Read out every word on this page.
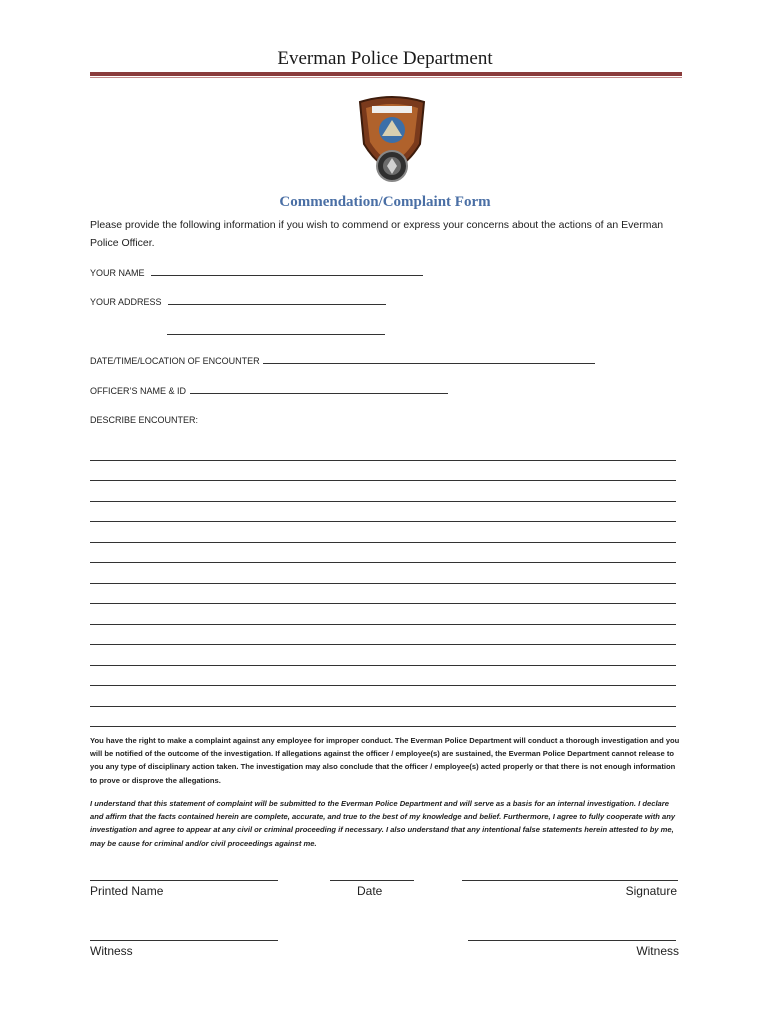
Everman Police Department
Commendation/Complaint Form
Please provide the following information if you wish to commend or express your concerns about the actions of an Everman Police Officer.
YOUR NAME
YOUR ADDRESS
DATE/TIME/LOCATION OF ENCOUNTER
OFFICER’S NAME & ID
DESCRIBE ENCOUNTER:
You have the right to make a complaint against any employee for improper conduct. The Everman Police Department will conduct a thorough investigation and you will be notified of the outcome of the investigation. If allegations against the officer / employee(s) are sustained, the Everman Police Department cannot release to you any type of disciplinary action taken. The investigation may also conclude that the officer / employee(s) acted properly or that there is not enough information to prove or disprove the allegations.
I understand that this statement of complaint will be submitted to the Everman Police Department and will serve as a basis for an internal investigation. I declare and affirm that the facts contained herein are complete, accurate, and true to the best of my knowledge and belief. Furthermore, I agree to fully cooperate with any investigation and agree to appear at any civil or criminal proceeding if necessary. I also understand that any intentional false statements herein attested to by me, may be cause for criminal and/or civil proceedings against me.
Printed Name	Date	Signature
Witness	Witness
